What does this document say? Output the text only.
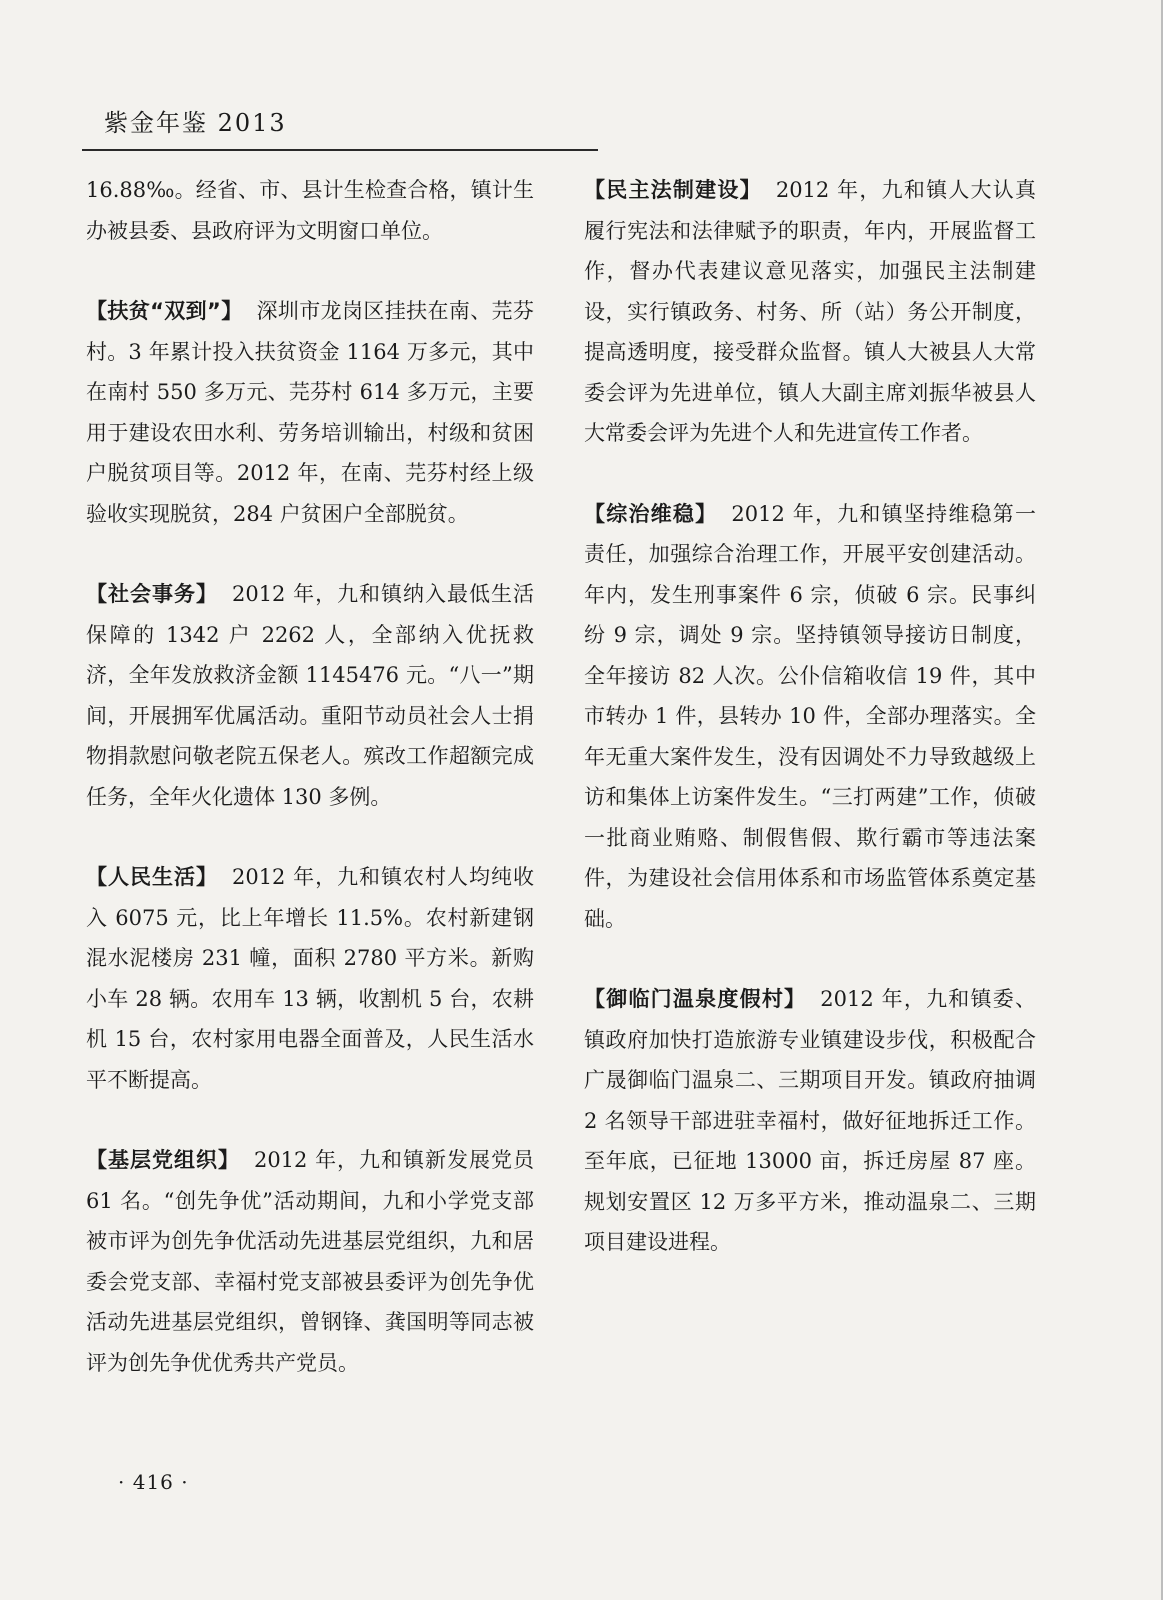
紫金年鉴 2013

16.88‰。经省、市、县计生检查合格，镇计生办被县委、县政府评为文明窗口单位。

【扶贫“双到”】 深圳市龙岗区挂扶在南、芫芬村。3 年累计投入扶贫资金 1164 万多元，其中在南村 550 多万元、芫芬村 614 多万元，主要用于建设农田水利、劳务培训输出，村级和贫困户脱贫项目等。2012 年，在南、芫芬村经上级验收实现脱贫，284 户贫困户全部脱贫。

【社会事务】 2012 年，九和镇纳入最低生活保障的 1342 户 2262 人，全部纳入优抚救济，全年发放救济金额 1145476 元。“八一”期间，开展拥军优属活动。重阳节动员社会人士捐物捐款慰问敬老院五保老人。殡改工作超额完成任务，全年火化遗体 130 多例。

【人民生活】 2012 年，九和镇农村人均纯收入 6075 元，比上年增长 11.5%。农村新建钢混水泥楼房 231 幢，面积 2780 平方米。新购小车 28 辆。农用车 13 辆，收割机 5 台，农耕机 15 台，农村家用电器全面普及，人民生活水平不断提高。

【基层党组织】 2012 年，九和镇新发展党员 61 名。“创先争优”活动期间，九和小学党支部被市评为创先争优活动先进基层党组织，九和居委会党支部、幸福村党支部被县委评为创先争优活动先进基层党组织，曾钢锋、龚国明等同志被评为创先争优优秀共产党员。

【民主法制建设】 2012 年，九和镇人大认真履行宪法和法律赋予的职责，年内，开展监督工作，督办代表建议意见落实，加强民主法制建设，实行镇政务、村务、所（站）务公开制度，提高透明度，接受群众监督。镇人大被县人大常委会评为先进单位，镇人大副主席刘振华被县人大常委会评为先进个人和先进宣传工作者。

【综治维稳】 2012 年，九和镇坚持维稳第一责任，加强综合治理工作，开展平安创建活动。年内，发生刑事案件 6 宗，侦破 6 宗。民事纠纷 9 宗，调处 9 宗。坚持镇领导接访日制度，全年接访 82 人次。公仆信箱收信 19 件，其中市转办 1 件，县转办 10 件，全部办理落实。全年无重大案件发生，没有因调处不力导致越级上访和集体上访案件发生。“三打两建”工作，侦破一批商业贿赂、制假售假、欺行霸市等违法案件，为建设社会信用体系和市场监管体系奠定基础。

【御临门温泉度假村】 2012 年，九和镇委、镇政府加快打造旅游专业镇建设步伐，积极配合广晟御临门温泉二、三期项目开发。镇政府抽调 2 名领导干部进驻幸福村，做好征地拆迁工作。至年底，已征地 13000 亩，拆迁房屋 87 座。规划安置区 12 万多平方米，推动温泉二、三期项目建设进程。

· 416 ·
